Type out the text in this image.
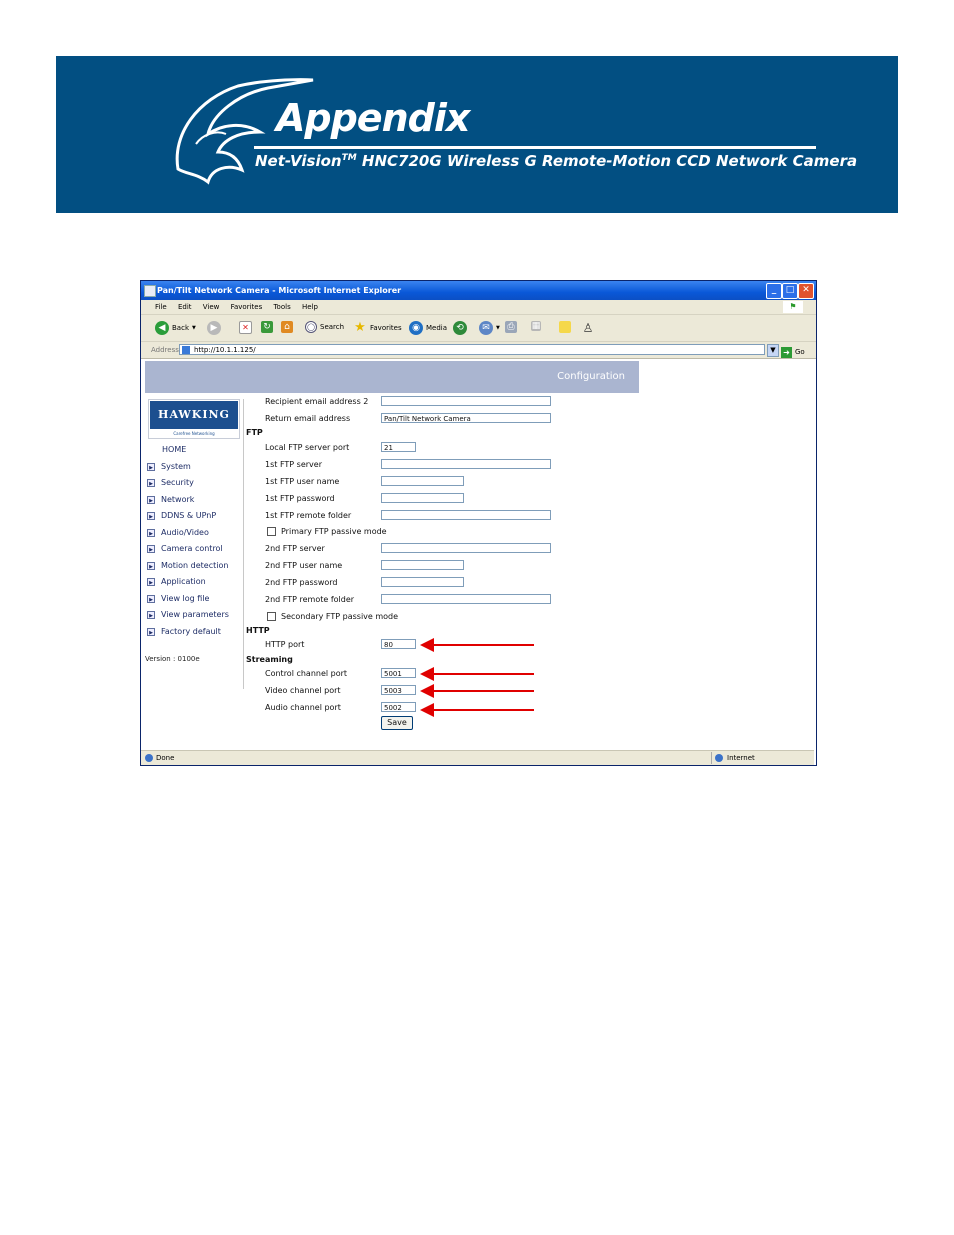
Appendix
Net-Vision™ HNC720G Wireless G Remote-Motion CCD Network Camera
Pan/Tilt Network Camera - Microsoft Internet Explorer	_	□ ✕
File Edit View Favorites Tools Help	⚑
◀ Back ▼	▶	✕	↻	⌂	◯ Search ★ Favorites	◉ Media	⟲	✉	▼ ⎙ ▦	♙
Address	http://10.1.1.125/	▼ ➜ Go
Configuration
HAWKING
Carefree Networking
HOME
▶ System
▶ Security
▶ Network
▶ DDNS & UPnP
▶ Audio/Video
▶ Camera control
▶ Motion detection
▶ Application
▶ View log file
▶ View parameters
▶ Factory default
Version : 0100e
Recipient email address 2
Return email address	Pan/Tilt Network Camera
FTP
Local FTP server port	21
1st FTP server
1st FTP user name
1st FTP password
1st FTP remote folder
Primary FTP passive mode
2nd FTP server
2nd FTP user name
2nd FTP password
2nd FTP remote folder
Secondary FTP passive mode
HTTP
HTTP port	80
Streaming
Control channel port	5001
Video channel port	5003
Audio channel port	5002
Save
Done	Internet
